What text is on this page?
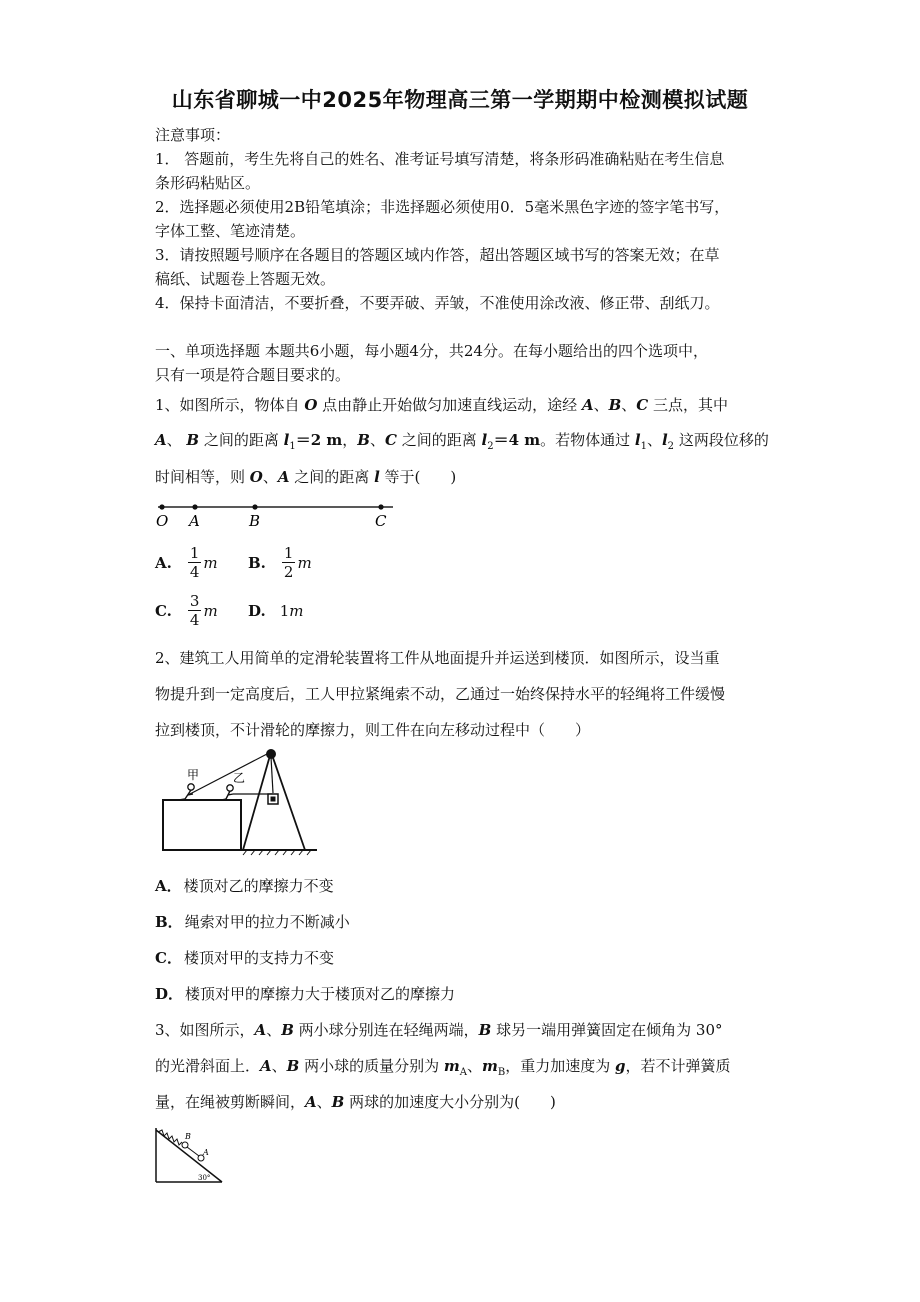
山东省聊城一中2025年物理高三第一学期期中检测模拟试题
注意事项：
1． 答题前，考生先将自己的姓名、准考证号填写清楚，将条形码准确粘贴在考生信息
条形码粘贴区。
2．选择题必须使用2B铅笔填涂；非选择题必须使用0．5毫米黑色字迹的签字笔书写，
字体工整、笔迹清楚。
3．请按照题号顺序在各题目的答题区域内作答，超出答题区域书写的答案无效；在草
稿纸、试题卷上答题无效。
4．保持卡面清洁，不要折叠，不要弄破、弄皱，不准使用涂改液、修正带、刮纸刀。
一、单项选择题 本题共6小题，每小题4分，共24分。在每小题给出的四个选项中，
只有一项是符合题目要求的。
1、如图所示，物体自 O 点由静止开始做匀加速直线运动，途经 A、B、C 三点，其中
A、 B 之间的距离 $l_1=2$ m，B、C 之间的距离 $l_2=4$ m。若物体通过 $l_1$、$l_2$ 这两段位移的
时间相等，则 O、A 之间的距离 l 等于(　　)
O A	B	C
A. $\frac{1}{4}$ m B. $\frac{1}{2}$ m
C. $\frac{3}{4}$ m D. 1 m
2、建筑工人用简单的定滑轮装置将工件从地面提升并运送到楼顶．如图所示，设当重
物提升到一定高度后，工人甲拉紧绳索不动，乙通过一始终保持水平的轻绳将工件缓慢
拉到楼顶，不计滑轮的摩擦力，则工件在向左移动过程中（　　）
甲	乙
A． 楼顶对乙的摩擦力不变
B． 绳索对甲的拉力不断减小
C． 楼顶对甲的支持力不变
D． 楼顶对甲的摩擦力大于楼顶对乙的摩擦力
3、如图所示，A、B 两小球分别连在轻绳两端，B 球另一端用弹簧固定在倾角为 30°
的光滑斜面上．A、B 两小球的质量分别为 $m_A$、$m_B$，重力加速度为 g，若不计弹簧质
量，在绳被剪断瞬间，A、B 两球的加速度大小分别为(　　)
B
A
30°
